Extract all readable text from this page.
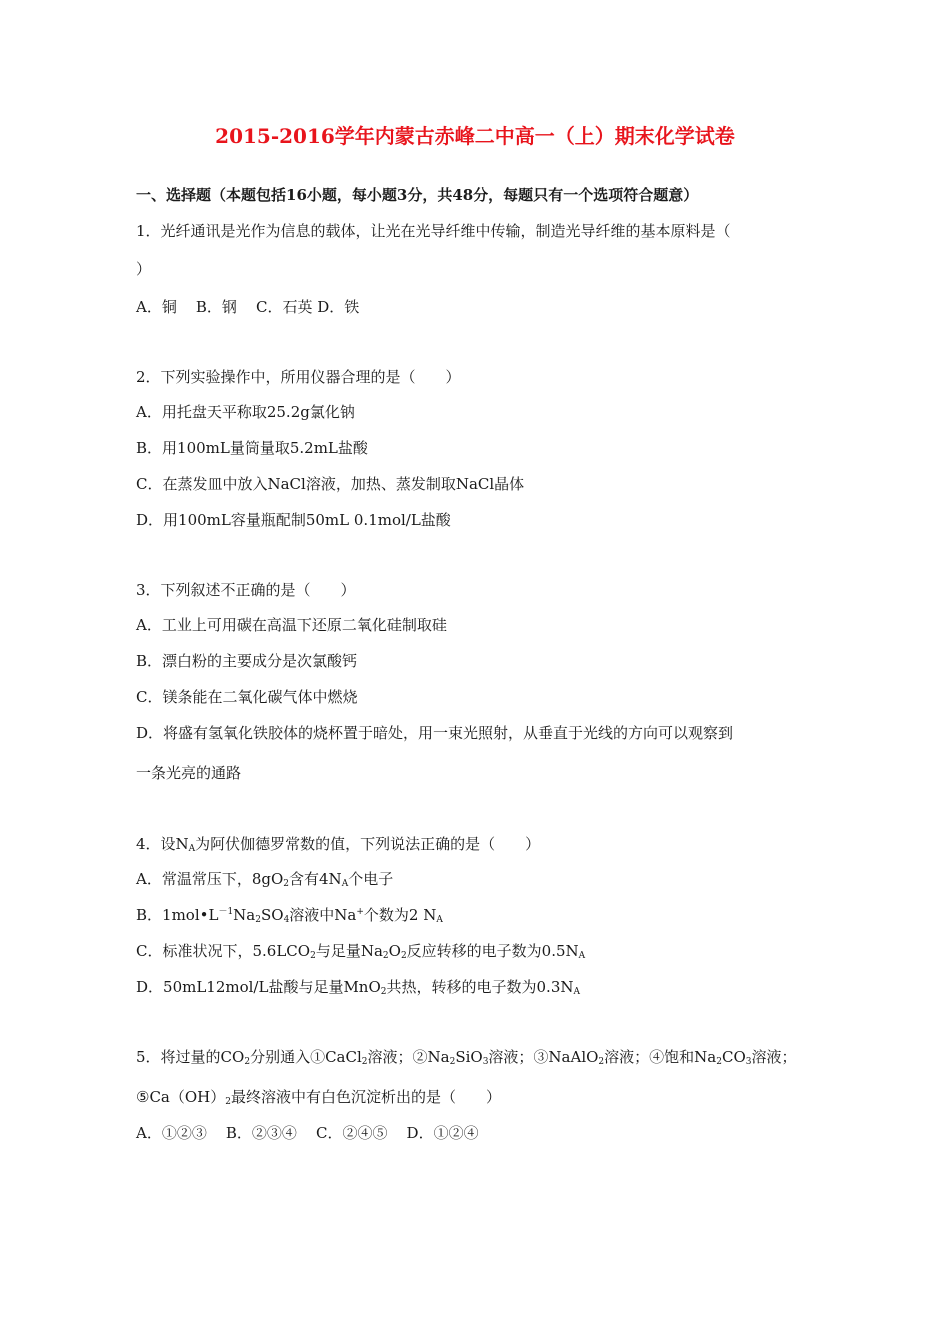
2015-2016学年内蒙古赤峰二中高一（上）期末化学试卷
一、选择题（本题包括16小题，每小题3分，共48分，每题只有一个选项符合题意）
1．光纤通讯是光作为信息的载体，让光在光导纤维中传输，制造光导纤维的基本原料是（
）
A．铜    B．钢    C．石英 D．铁
2．下列实验操作中，所用仪器合理的是（　　）
A．用托盘天平称取25.2g氯化钠
B．用100mL量筒量取5.2mL盐酸
C．在蒸发皿中放入NaCl溶液，加热、蒸发制取NaCl晶体
D．用100mL容量瓶配制50mL 0.1mol/L盐酸
3．下列叙述不正确的是（　　）
A．工业上可用碳在高温下还原二氧化硅制取硅
B．漂白粉的主要成分是次氯酸钙
C．镁条能在二氧化碳气体中燃烧
D．将盛有氢氧化铁胶体的烧杯置于暗处，用一束光照射，从垂直于光线的方向可以观察到
一条光亮的通路
4．设$N_A$为阿伏伽德罗常数的值，下列说法正确的是（　　）
A．常温常压下，$8gO_2$含有$4N_A$个电子
B．$1mol•L^{-1}Na_2SO_4$溶液中Na+个数为2 $N_A$
C．标准状况下，$5.6LCO_2$与足量$Na_2O_2$反应转移的电子数为$0.5N_A$
D．50mL12mol/L盐酸与足量MnO$_2$共热，转移的电子数为$0.3N_A$
5．将过量的$CO_2$分别通入①CaCl$_2$溶液；$②Na_2SiO_3$溶液；③NaAlO$_2$溶液；④饱和$Na_2CO_3$溶液；
$⑤Ca(OH)_2$最终溶液中有白色沉淀析出的是（　　）
A．①②③    B．②③④    C．②④⑤    D．①②④
